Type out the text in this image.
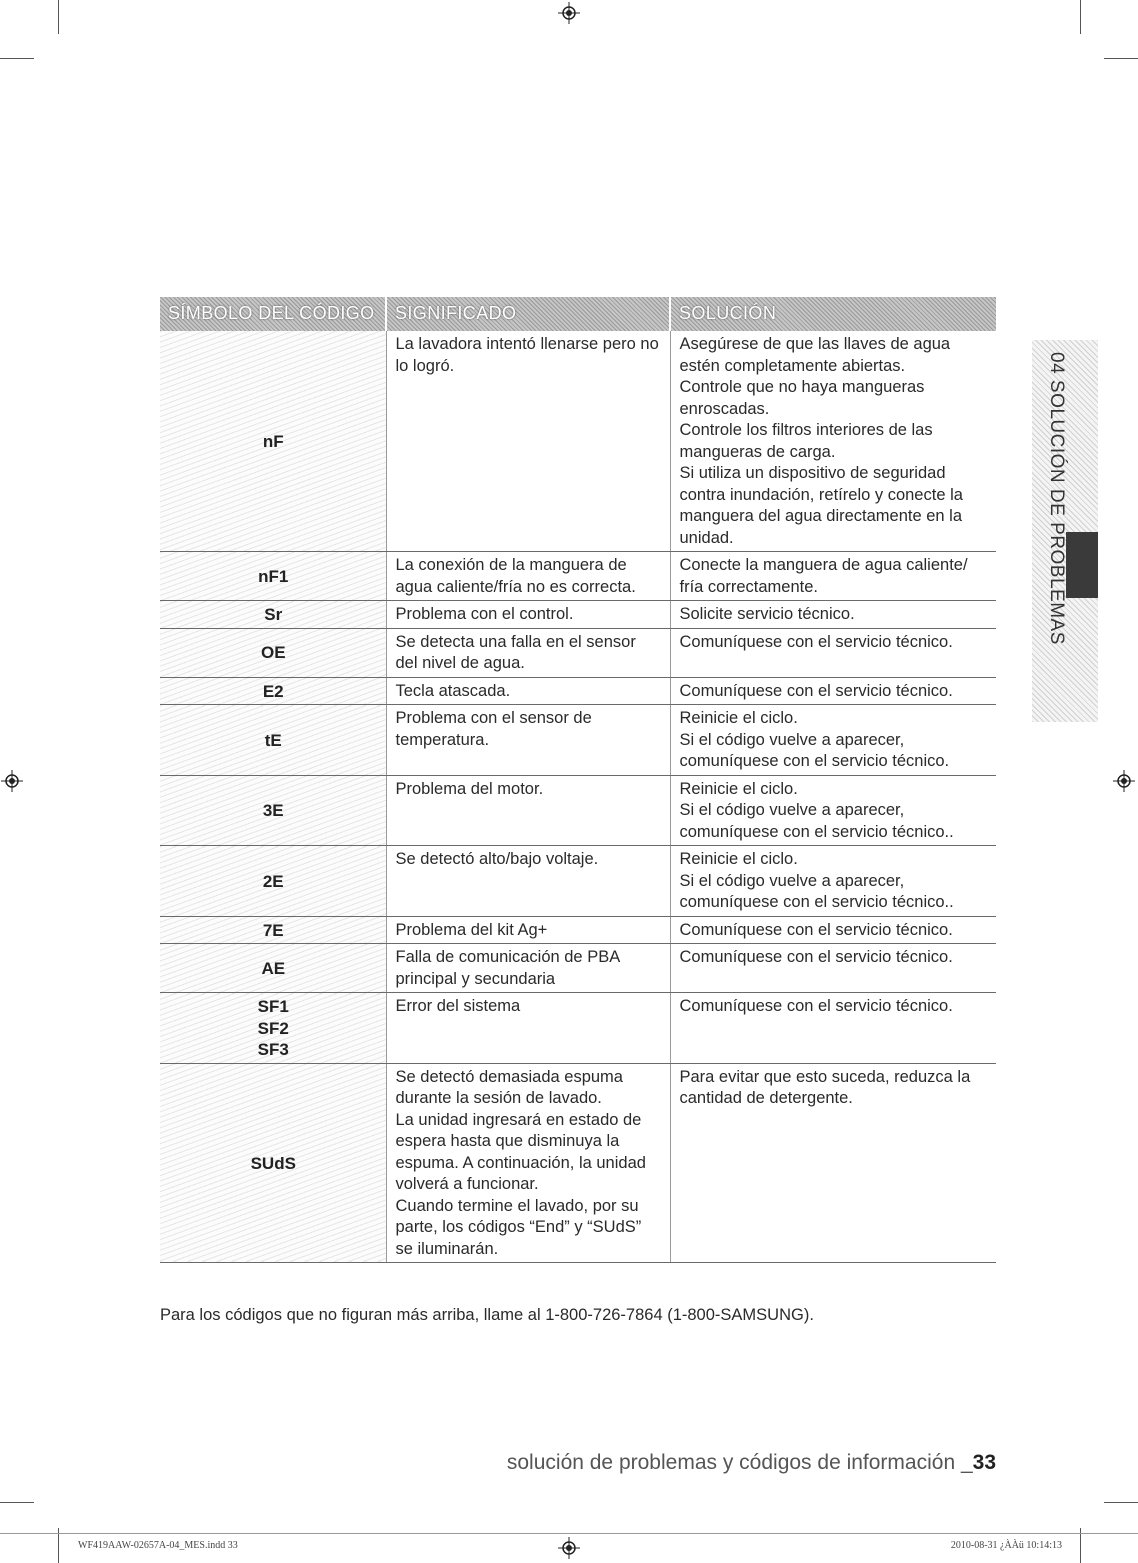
04 SOLUCIÓN DE PROBLEMAS
SÍMBOLO DEL CÓDIGO	SIGNIFICADO	SOLUCIÓN

nF	La lavadora intentó llenarse pero no lo logró.	Asegúrese de que las llaves de agua estén completamente abiertas.
Controle que no haya mangueras enroscadas.
Controle los filtros interiores de las mangueras de carga.
Si utiliza un dispositivo de seguridad contra inundación, retírelo y conecte la manguera del agua directamente en la unidad.

nF1	La conexión de la manguera de agua caliente/fría no es correcta.	Conecte la manguera de agua caliente/ fría correctamente.

Sr	Problema con el control.	Solicite servicio técnico.

OE	Se detecta una falla en el sensor del nivel de agua.	Comuníquese con el servicio técnico.

E2	Tecla atascada.	Comuníquese con el servicio técnico.

tE	Problema con el sensor de temperatura.	Reinicie el ciclo.
Si el código vuelve a aparecer, comuníquese con el servicio técnico.

3E	Problema del motor.	Reinicie el ciclo.
Si el código vuelve a aparecer, comuníquese con el servicio técnico..

2E	Se detectó alto/bajo voltaje.	Reinicie el ciclo.
Si el código vuelve a aparecer, comuníquese con el servicio técnico..

7E	Problema del kit Ag+	Comuníquese con el servicio técnico.

AE	Falla de comunicación de PBA principal y secundaria	Comuníquese con el servicio técnico.

SF1
SF2
SF3	Error del sistema	Comuníquese con el servicio técnico.

SUdS	Se detectó demasiada espuma durante la sesión de lavado.
La unidad ingresará en estado de espera hasta que disminuya la espuma. A continuación, la unidad volverá a funcionar.
Cuando termine el lavado, por su parte, los códigos “End” y “SUdS” se iluminarán.	Para evitar que esto suceda, reduzca la cantidad de detergente.
Para los códigos que no figuran más arriba, llame al 1-800-726-7864 (1-800-SAMSUNG).
solución de problemas y códigos de información _33
WF419AAW-02657A-04_MES.indd 33	2010-08-31 ¿ÀÀü 10:14:13
